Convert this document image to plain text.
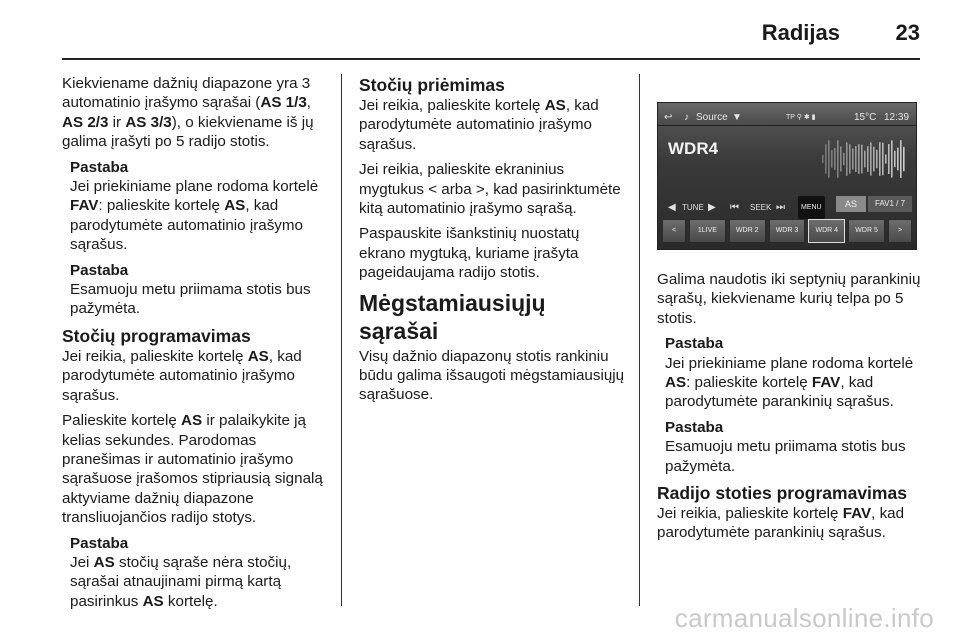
Radijas	23

Kiekviename dažnių diapazone yra 3 automatinio įrašymo sąrašai (AS 1/3, AS 2/3 ir AS 3/3), o kiekviename iš jų galima įrašyti po 5 radijo stotis.

Pastaba
Jei priekiniame plane rodoma kortelė FAV: palieskite kortelę AS, kad parodytumėte automatinio įrašymo sąrašus.

Pastaba
Esamuoju metu priimama stotis bus pažymėta.

Stočių programavimas

Jei reikia, palieskite kortelę AS, kad parodytumėte automatinio įrašymo sąrašus.

Palieskite kortelę AS ir palaikykite ją kelias sekundes. Parodomas pranešimas ir automatinio įrašymo sąrašuose įrašomos stipriausią signalą aktyviame dažnių diapazone transliuojančios radijo stotys.

Pastaba
Jei AS stočių sąraše nėra stočių, sąrašai atnaujinami pirmą kartą pasirinkus AS kortelę.

Stočių priėmimas

Jei reikia, palieskite kortelę AS, kad parodytumėte automatinio įrašymo sąrašus.

Jei reikia, palieskite ekraninius mygtukus < arba >, kad pasirinktumėte kitą automatinio įrašymo sąrašą.

Paspauskite išankstinių nuostatų ekrano mygtuką, kuriame įrašyta pageidaujama radijo stotis.

Mėgstamiausiųjų sąrašai

Visų dažnio diapazonų stotis rankiniu būdu galima išsaugoti mėgstamiausiųjų sąrašuose.

↩ ♪ Source ▼	TP ⚲ ✱ ▮	15°C 12:39
WDR4
◀ TUNE ▶ ⏮ SEEK ⏭	MENU	AS	FAV1 / 7
<	1LIVE	WDR 2	WDR 3	WDR 4	WDR 5	>

Galima naudotis iki septynių parankinių sąrašų, kiekviename kurių telpa po 5 stotis.

Pastaba
Jei priekiniame plane rodoma kortelė AS: palieskite kortelę FAV, kad parodytumėte parankinių sąrašus.

Pastaba
Esamuoju metu priimama stotis bus pažymėta.

Radijo stoties programavimas

Jei reikia, palieskite kortelę FAV, kad parodytumėte parankinių sąrašus.

carmanualsonline.info
